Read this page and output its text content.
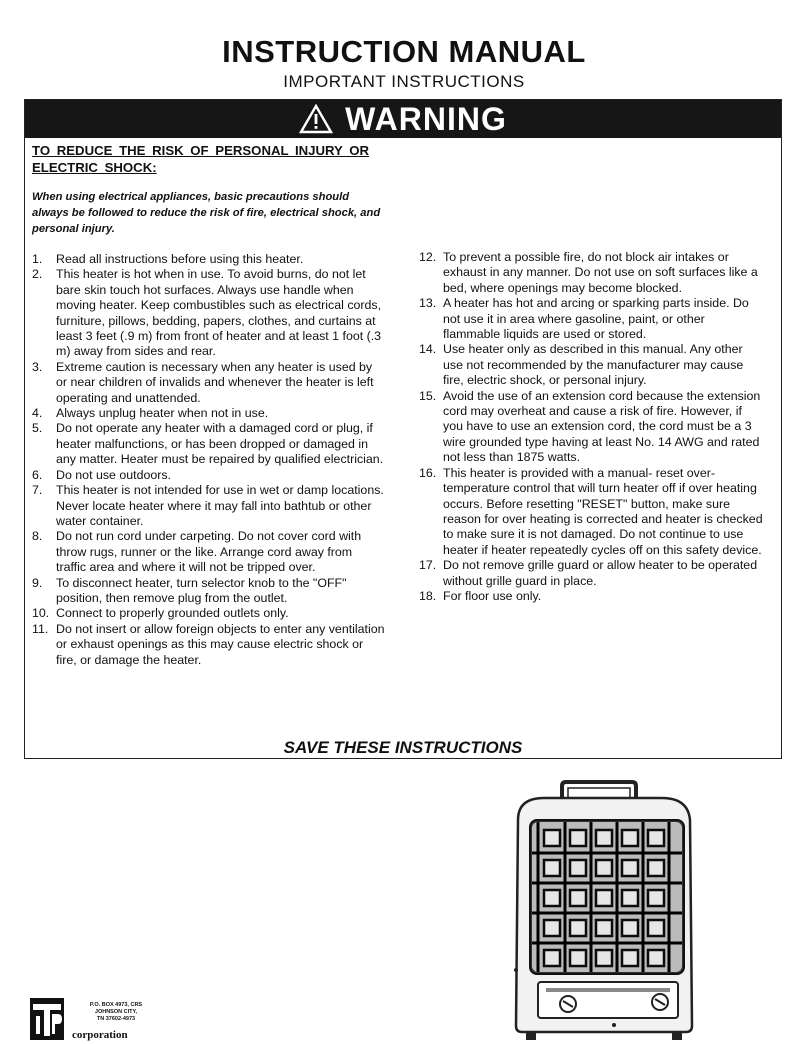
INSTRUCTION MANUAL
IMPORTANT INSTRUCTIONS
WARNING
TO REDUCE THE RISK OF PERSONAL INJURY OR ELECTRIC SHOCK:
When using electrical appliances, basic precautions should always be followed to reduce the risk of fire, electrical shock, and personal injury.
1.	Read all instructions before using this heater.
2.	This heater is hot when in use. To avoid burns, do not let bare skin touch hot surfaces. Always use handle when moving heater. Keep combustibles such as electrical cords, furniture, pillows, bedding, papers, clothes, and curtains at least 3 feet (.9 m) from front of heater and at least 1 foot (.3 m) away from sides and rear.
3.	Extreme caution is necessary when any heater is used by or near children of invalids and whenever the heater is left operating and unattended.
4.	Always unplug heater when not in use.
5.	Do not operate any heater with a damaged cord or plug, if heater malfunctions, or has been dropped or damaged in any matter. Heater must be repaired by qualified electrician.
6.	Do not use outdoors.
7.	This heater is not intended for use in wet or damp locations. Never locate heater where it may fall into bathtub or other water container.
8.	Do not run cord under carpeting. Do not cover cord with throw rugs, runner or the like. Arrange cord away from traffic area and where it will not be tripped over.
9.	To disconnect heater, turn selector knob to the "OFF" position, then remove plug from the outlet.
10. Connect to properly grounded outlets only.
11. Do not insert or allow foreign objects to enter any ventilation or exhaust openings as this may cause electric shock or fire, or damage the heater.
12. To prevent a possible fire, do not block air intakes or exhaust in any manner. Do not use on soft surfaces like a bed, where openings may become blocked.
13. A heater has hot and arcing or sparking parts inside. Do not use it in area where gasoline, paint, or other flammable liquids are used or stored.
14. Use heater only as described in this manual. Any other use not recommended by the manufacturer may cause fire, electric shock, or personal injury.
15. Avoid the use of an extension cord because the extension cord may overheat and cause a risk of fire. However, if you have to use an extension cord, the cord must be a 3 wire grounded type having at least No. 14 AWG and rated not less than 1875 watts.
16. This heater is provided with a manual- reset over-temperature control that will turn heater off if over heating occurs. Before resetting "RESET" button, make sure reason for over heating is corrected and heater is checked to make sure it is not damaged. Do not continue to use heater if heater repeatedly cycles off on this safety device.
17. Do not remove grille guard or allow heater to be operated without grille guard in place.
18. For floor use only.
SAVE THESE INSTRUCTIONS
P.O. BOX 4973, CRS
JOHNSON CITY,
TN 37602-4973
corporation
